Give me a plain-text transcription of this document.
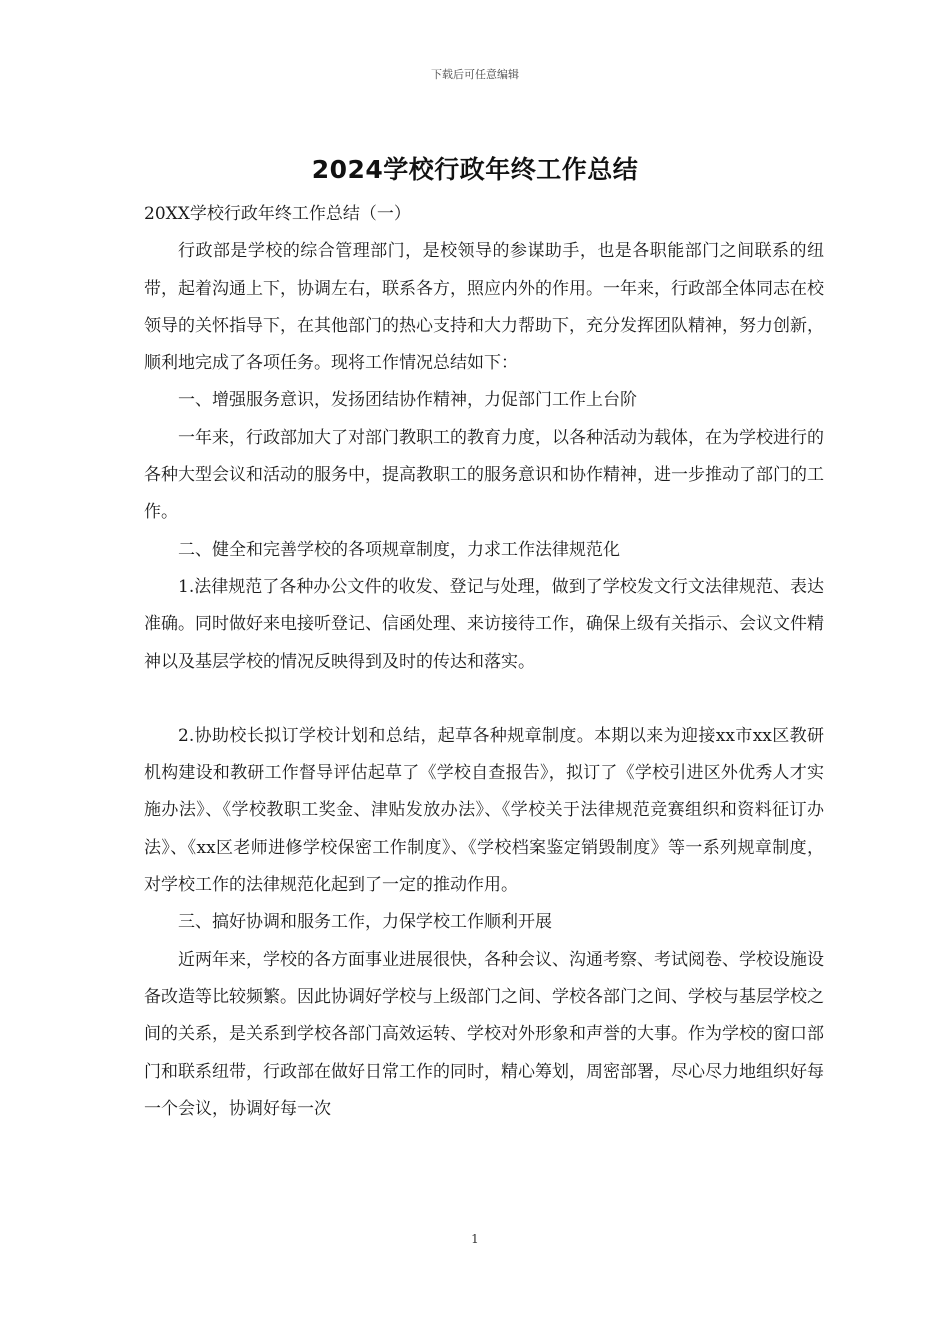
下载后可任意编辑
2024学校行政年终工作总结

20XX学校行政年终工作总结（一）

行政部是学校的综合管理部门，是校领导的参谋助手，也是各职能部门之间联系的纽带，起着沟通上下，协调左右，联系各方，照应内外的作用。一年来，行政部全体同志在校领导的关怀指导下，在其他部门的热心支持和大力帮助下，充分发挥团队精神，努力创新，顺利地完成了各项任务。现将工作情况总结如下：

一、增强服务意识，发扬团结协作精神，力促部门工作上台阶

一年来，行政部加大了对部门教职工的教育力度，以各种活动为载体，在为学校进行的各种大型会议和活动的服务中，提高教职工的服务意识和协作精神，进一步推动了部门的工作。

二、健全和完善学校的各项规章制度，力求工作法律规范化

1.法律规范了各种办公文件的收发、登记与处理，做到了学校发文行文法律规范、表达准确。同时做好来电接听登记、信函处理、来访接待工作，确保上级有关指示、会议文件精神以及基层学校的情况反映得到及时的传达和落实。

2.协助校长拟订学校计划和总结，起草各种规章制度。本期以来为迎接xx市xx区教研机构建设和教研工作督导评估起草了《学校自查报告》，拟订了《学校引进区外优秀人才实施办法》、《学校教职工奖金、津贴发放办法》、《学校关于法律规范竞赛组织和资料征订办法》、《xx区老师进修学校保密工作制度》、《学校档案鉴定销毁制度》等一系列规章制度，对学校工作的法律规范化起到了一定的推动作用。

三、搞好协调和服务工作，力保学校工作顺利开展

近两年来，学校的各方面事业进展很快，各种会议、沟通考察、考试阅卷、学校设施设备改造等比较频繁。因此协调好学校与上级部门之间、学校各部门之间、学校与基层学校之间的关系，是关系到学校各部门高效运转、学校对外形象和声誉的大事。作为学校的窗口部门和联系纽带，行政部在做好日常工作的同时，精心筹划，周密部署，尽心尽力地组织好每一个会议，协调好每一次

1
